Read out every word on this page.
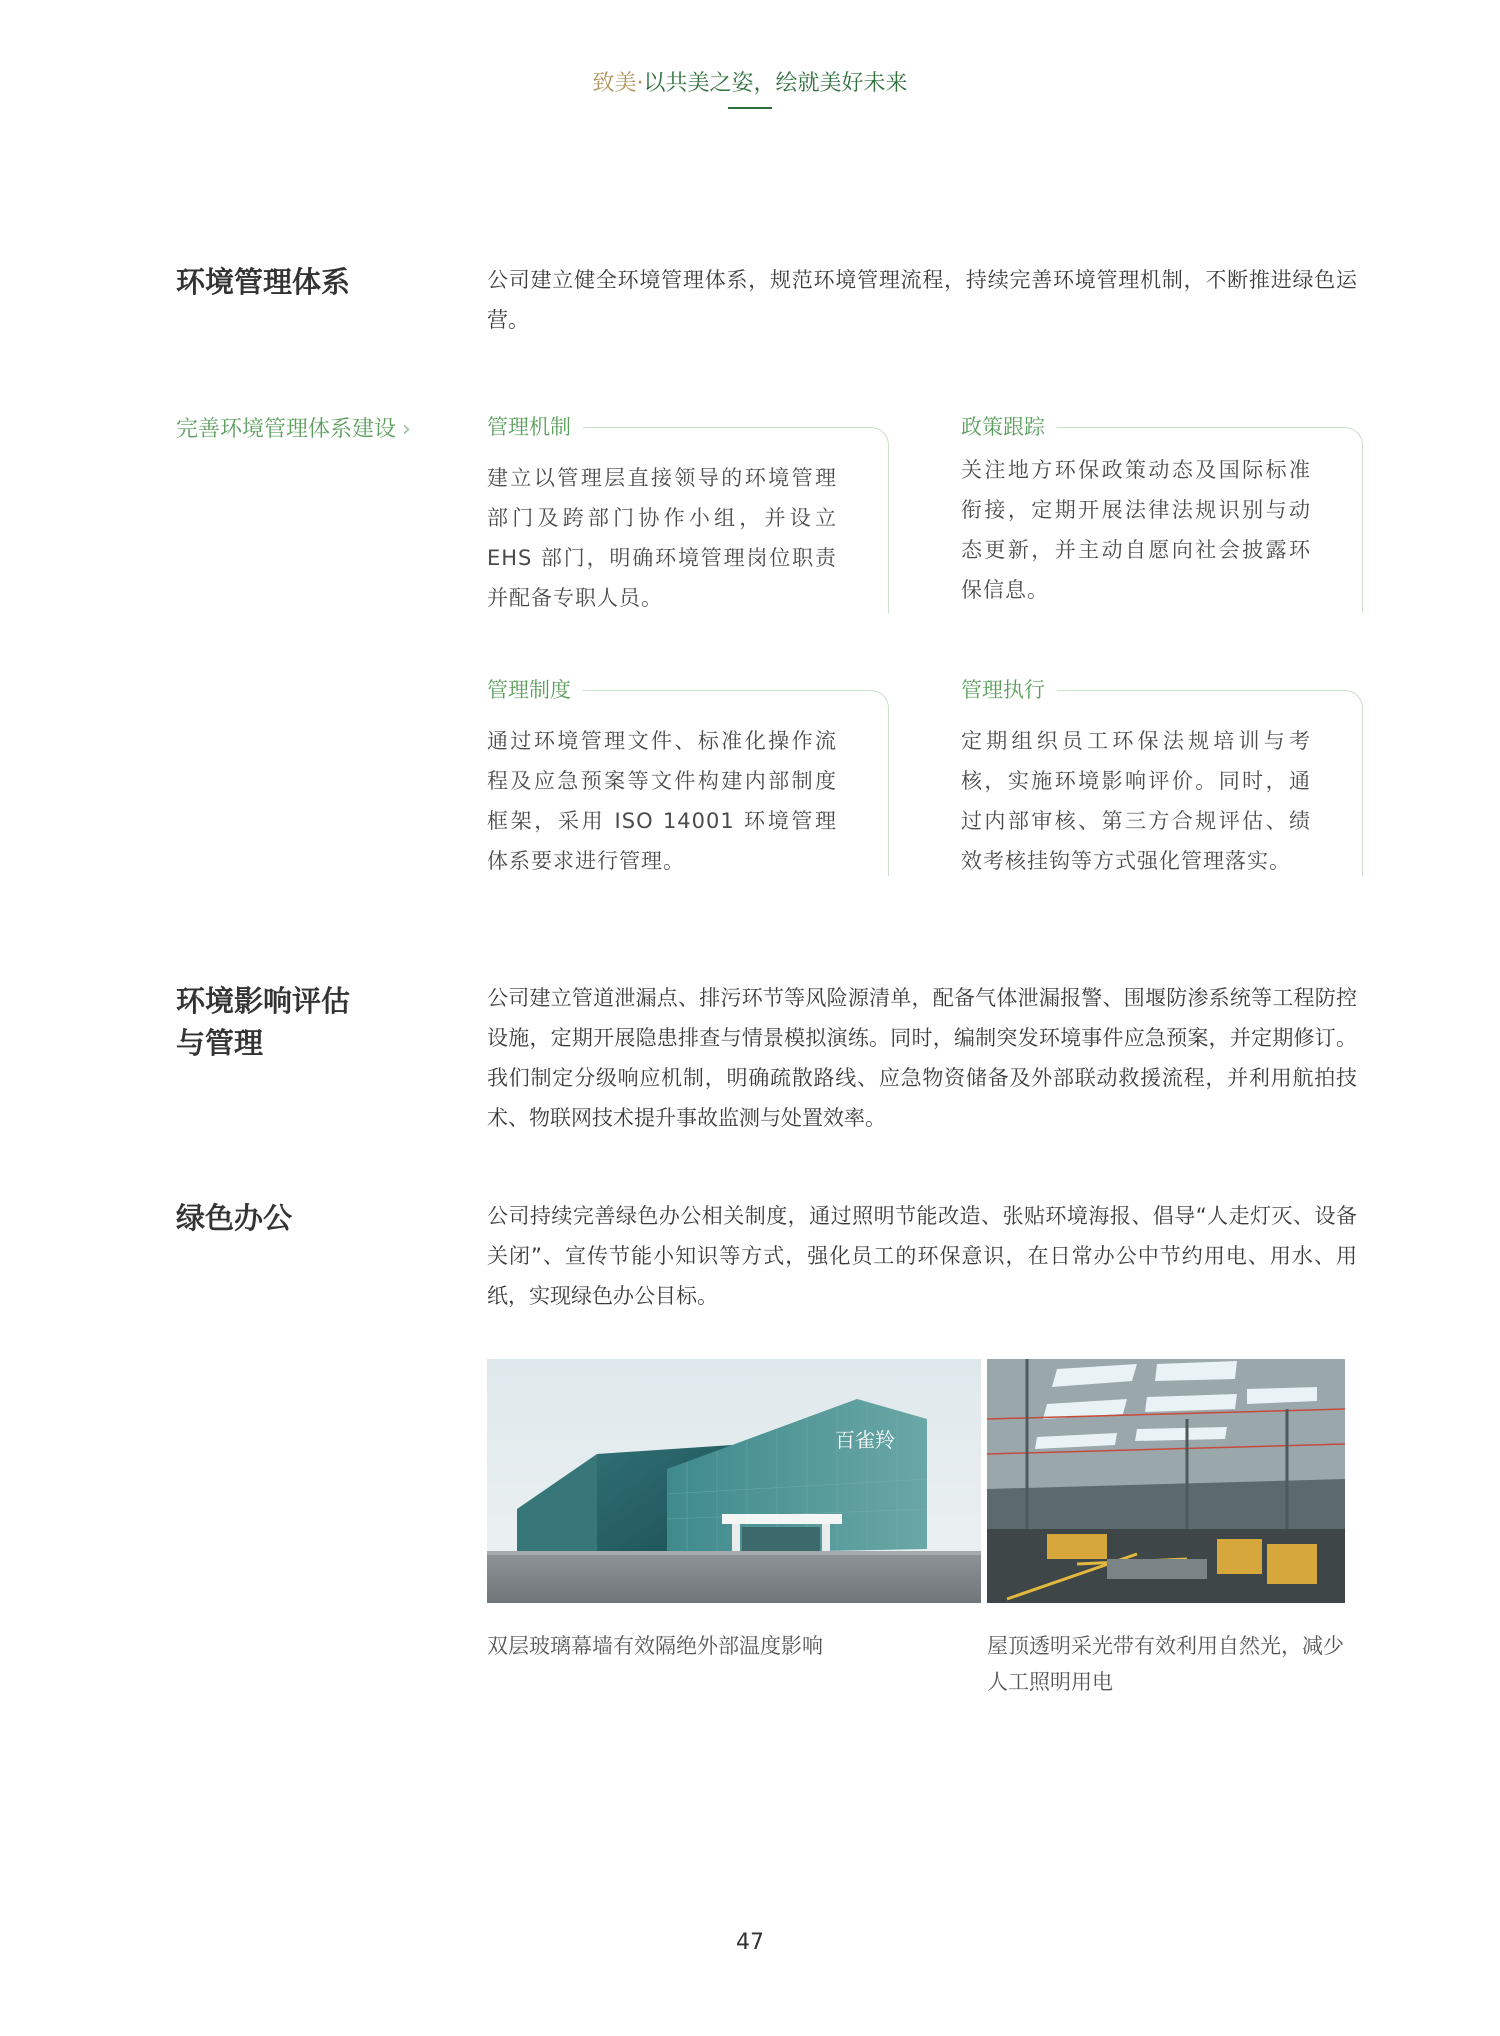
致美·以共美之姿，绘就美好未来
环境管理体系	公司建立健全环境管理体系，规范环境管理流程，持续完善环境管理机制，不断推进绿色运营。
完善环境管理体系建设 ›	管理机制
建立以管理层直接领导的环境管理部门及跨部门协作小组，并设立 EHS 部门，明确环境管理岗位职责并配备专职人员。
政策跟踪
关注地方环保政策动态及国际标准衔接，定期开展法律法规识别与动态更新，并主动自愿向社会披露环保信息。
管理制度
通过环境管理文件、标准化操作流程及应急预案等文件构建内部制度框架，采用 ISO 14001 环境管理体系要求进行管理。
管理执行
定期组织员工环保法规培训与考核，实施环境影响评价。同时，通过内部审核、第三方合规评估、绩效考核挂钩等方式强化管理落实。
环境影响评估
与管理
公司建立管道泄漏点、排污环节等风险源清单，配备气体泄漏报警、围堰防渗系统等工程防控设施，定期开展隐患排查与情景模拟演练。同时，编制突发环境事件应急预案，并定期修订。我们制定分级响应机制，明确疏散路线、应急物资储备及外部联动救援流程，并利用航拍技术、物联网技术提升事故监测与处置效率。
绿色办公	公司持续完善绿色办公相关制度，通过照明节能改造、张贴环境海报、倡导“人走灯灭、设备关闭”、宣传节能小知识等方式，强化员工的环保意识，在日常办公中节约用电、用水、用纸，实现绿色办公目标。
百雀羚
双层玻璃幕墙有效隔绝外部温度影响	屋顶透明采光带有效利用自然光，减少人工照明用电
47
